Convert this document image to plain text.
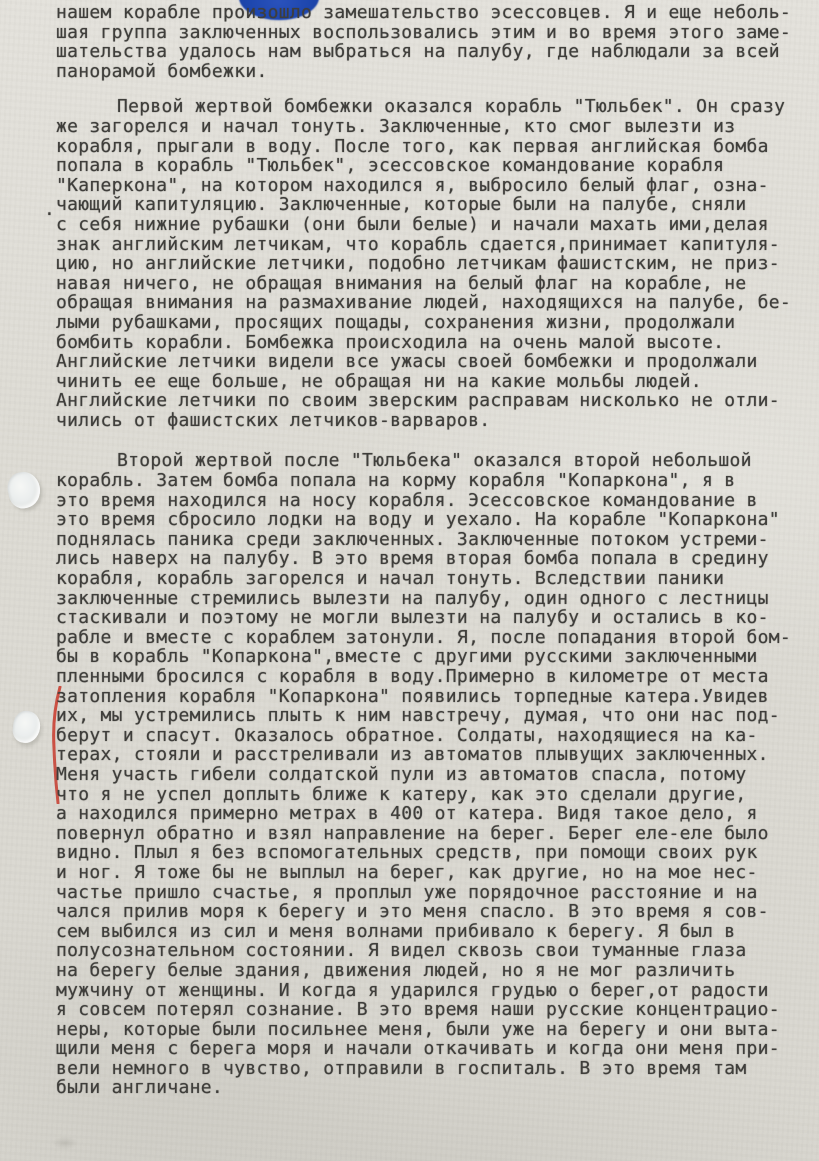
.
нашем корабле произошло замешательство эсессовцев. Я и еще неболь-
шая группа заключенных воспользовались этим и во время этого заме-
шательства удалось нам выбраться на палубу, где наблюдали за всей
панорамой бомбежки.
Первой жертвой бомбежки оказался корабль "Тюльбек". Он сразу
же загорелся и начал тонуть. Заключенные, кто смог вылезти из
корабля, прыгали в воду. После того, как первая английская бомба
попала в корабль "Тюльбек", эсессовское командование корабля
"Каперкона", на котором находился я, выбросило белый флаг, озна-
чающий капитуляцию. Заключенные, которые были на палубе, сняли
с себя нижние рубашки (они были белые) и начали махать ими,делая
знак английским летчикам, что корабль сдается,принимает капитуля-
цию, но английские летчики, подобно летчикам фашистским, не приз-
навая ничего, не обращая внимания на белый флаг на корабле, не
обращая внимания на размахивание людей, находящихся на палубе, бе-
лыми рубашками, просящих пощады, сохранения жизни, продолжали
бомбить корабли. Бомбежка происходила на очень малой высоте.
Английские летчики видели все ужасы своей бомбежки и продолжали
чинить ее еще больше, не обращая ни на какие мольбы людей.
Английские летчики по своим зверским расправам нисколько не отли-
чились от фашистских летчиков-варваров.
Второй жертвой после "Тюльбека" оказался второй небольшой
корабль. Затем бомба попала на корму корабля "Копаркона", я в
это время находился на носу корабля. Эсессовское командование в
это время сбросило лодки на воду и уехало. На корабле "Копаркона"
поднялась паника среди заключенных. Заключенные потоком устреми-
лись наверх на палубу. В это время вторая бомба попала в средину
корабля, корабль загорелся и начал тонуть. Вследствии паники
заключенные стремились вылезти на палубу, один одного с лестницы
стаскивали и поэтому не могли вылезти на палубу и остались в ко-
рабле и вместе с кораблем затонули. Я, после попадания второй бом-
бы в корабль "Копаркона",вместе с другими русскими заключенными
пленными бросился с корабля в воду.Примерно в километре от места
затопления корабля "Копаркона" появились торпедные катера.Увидев
их, мы устремились плыть к ним навстречу, думая, что они нас под-
берут и спасут. Оказалось обратное. Солдаты, находящиеся на ка-
терах, стояли и расстреливали из автоматов плывущих заключенных.
Меня участь гибели солдатской пули из автоматов спасла, потому
что я не успел доплыть ближе к катеру, как это сделали другие,
а находился примерно метрах в 400 от катера. Видя такое дело, я
повернул обратно и взял направление на берег. Берег еле-еле было
видно. Плыл я без вспомогательных средств, при помощи своих рук
и ног. Я тоже бы не выплыл на берег, как другие, но на мое нес-
частье пришло счастье, я проплыл уже порядочное расстояние и на
чался прилив моря к берегу и это меня спасло. В это время я сов-
сем выбился из сил и меня волнами прибивало к берегу. Я был в
полусознательном состоянии. Я видел сквозь свои туманные глаза
на берегу белые здания, движения людей, но я не мог различить
мужчину от женщины. И когда я ударился грудью о берег,от радости
я совсем потерял сознание. В это время наши русские концентрацио-
неры, которые были посильнее меня, были уже на берегу и они выта-
щили меня с берега моря и начали откачивать и когда они меня при-
вели немного в чувство, отправили в госпиталь. В это время там
были англичане.
